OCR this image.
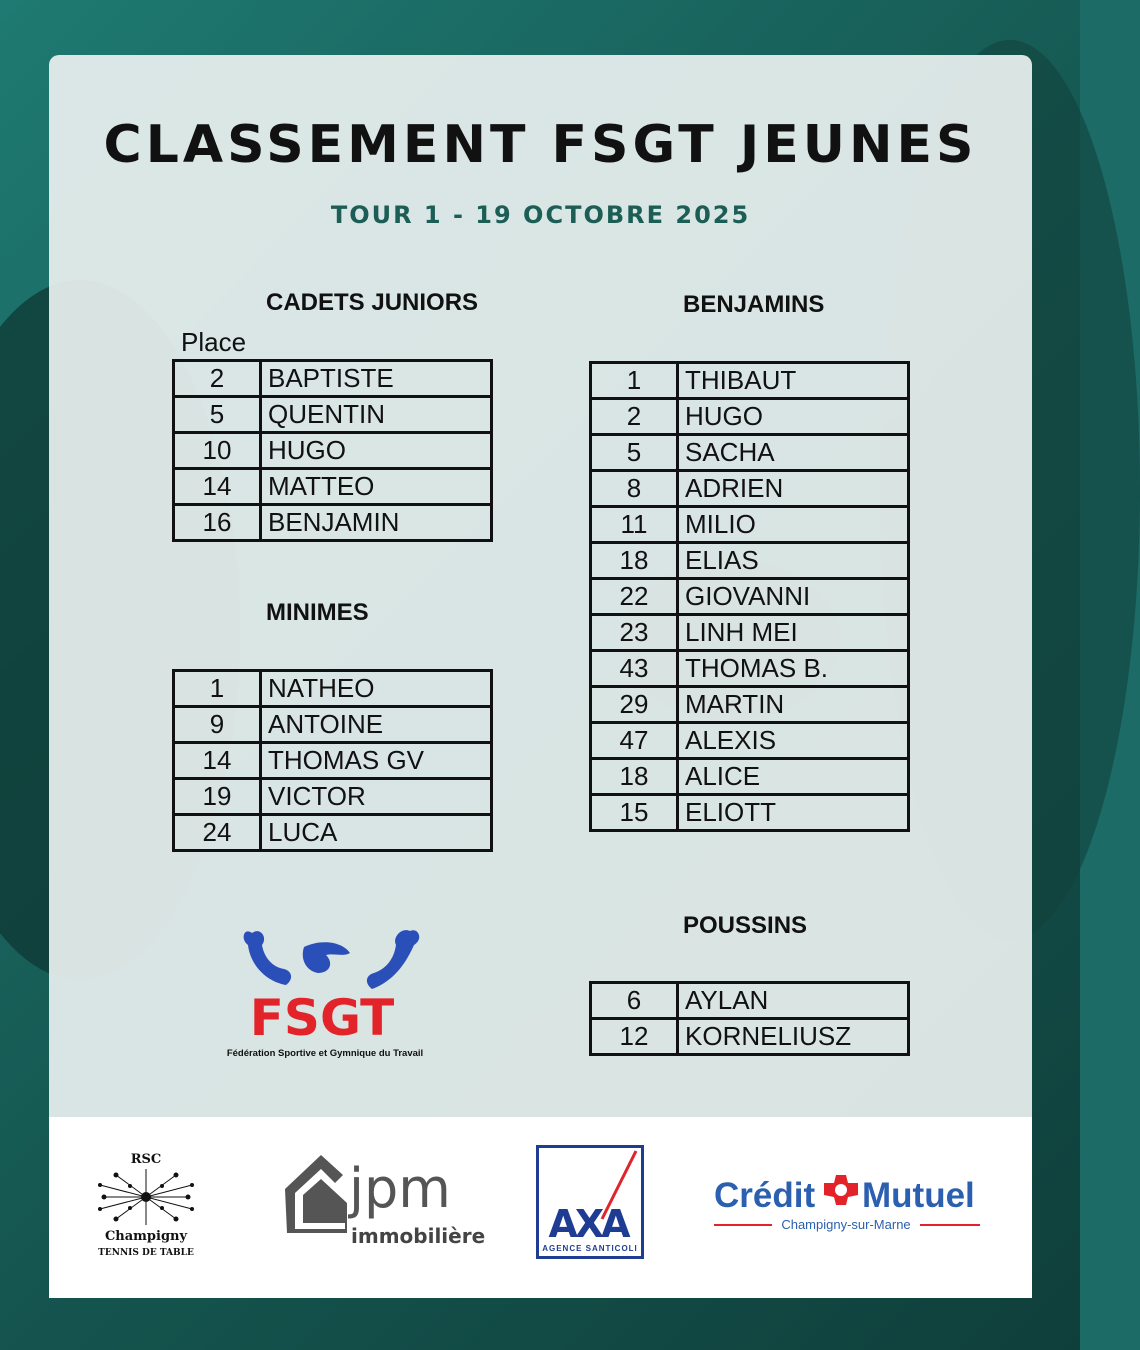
CLASSEMENT FSGT JEUNES
TOUR 1 - 19 OCTOBRE 2025
CADETS JUNIORS
Place
2	BAPTISTE
5	QUENTIN
10	HUGO
14	MATTEO
16	BENJAMIN
MINIMES
1	NATHEO
9	ANTOINE
14	THOMAS GV
19	VICTOR
24	LUCA
BENJAMINS
1	THIBAUT
2	HUGO
5	SACHA
8	ADRIEN
11	MILIO
18	ELIAS
22	GIOVANNI
23	LINH MEI
43	THOMAS B.
29	MARTIN
47	ALEXIS
18	ALICE
15	ELIOTT
POUSSINS
6	AYLAN
12	KORNELIUSZ
FSGT
Fédération Sportive et Gymnique du Travail
RSC
Champigny
TENNIS DE TABLE
jpm
immobilière AXA
AGENCE SANTICOLI
Crédit Mutuel
Champigny-sur-Marne
